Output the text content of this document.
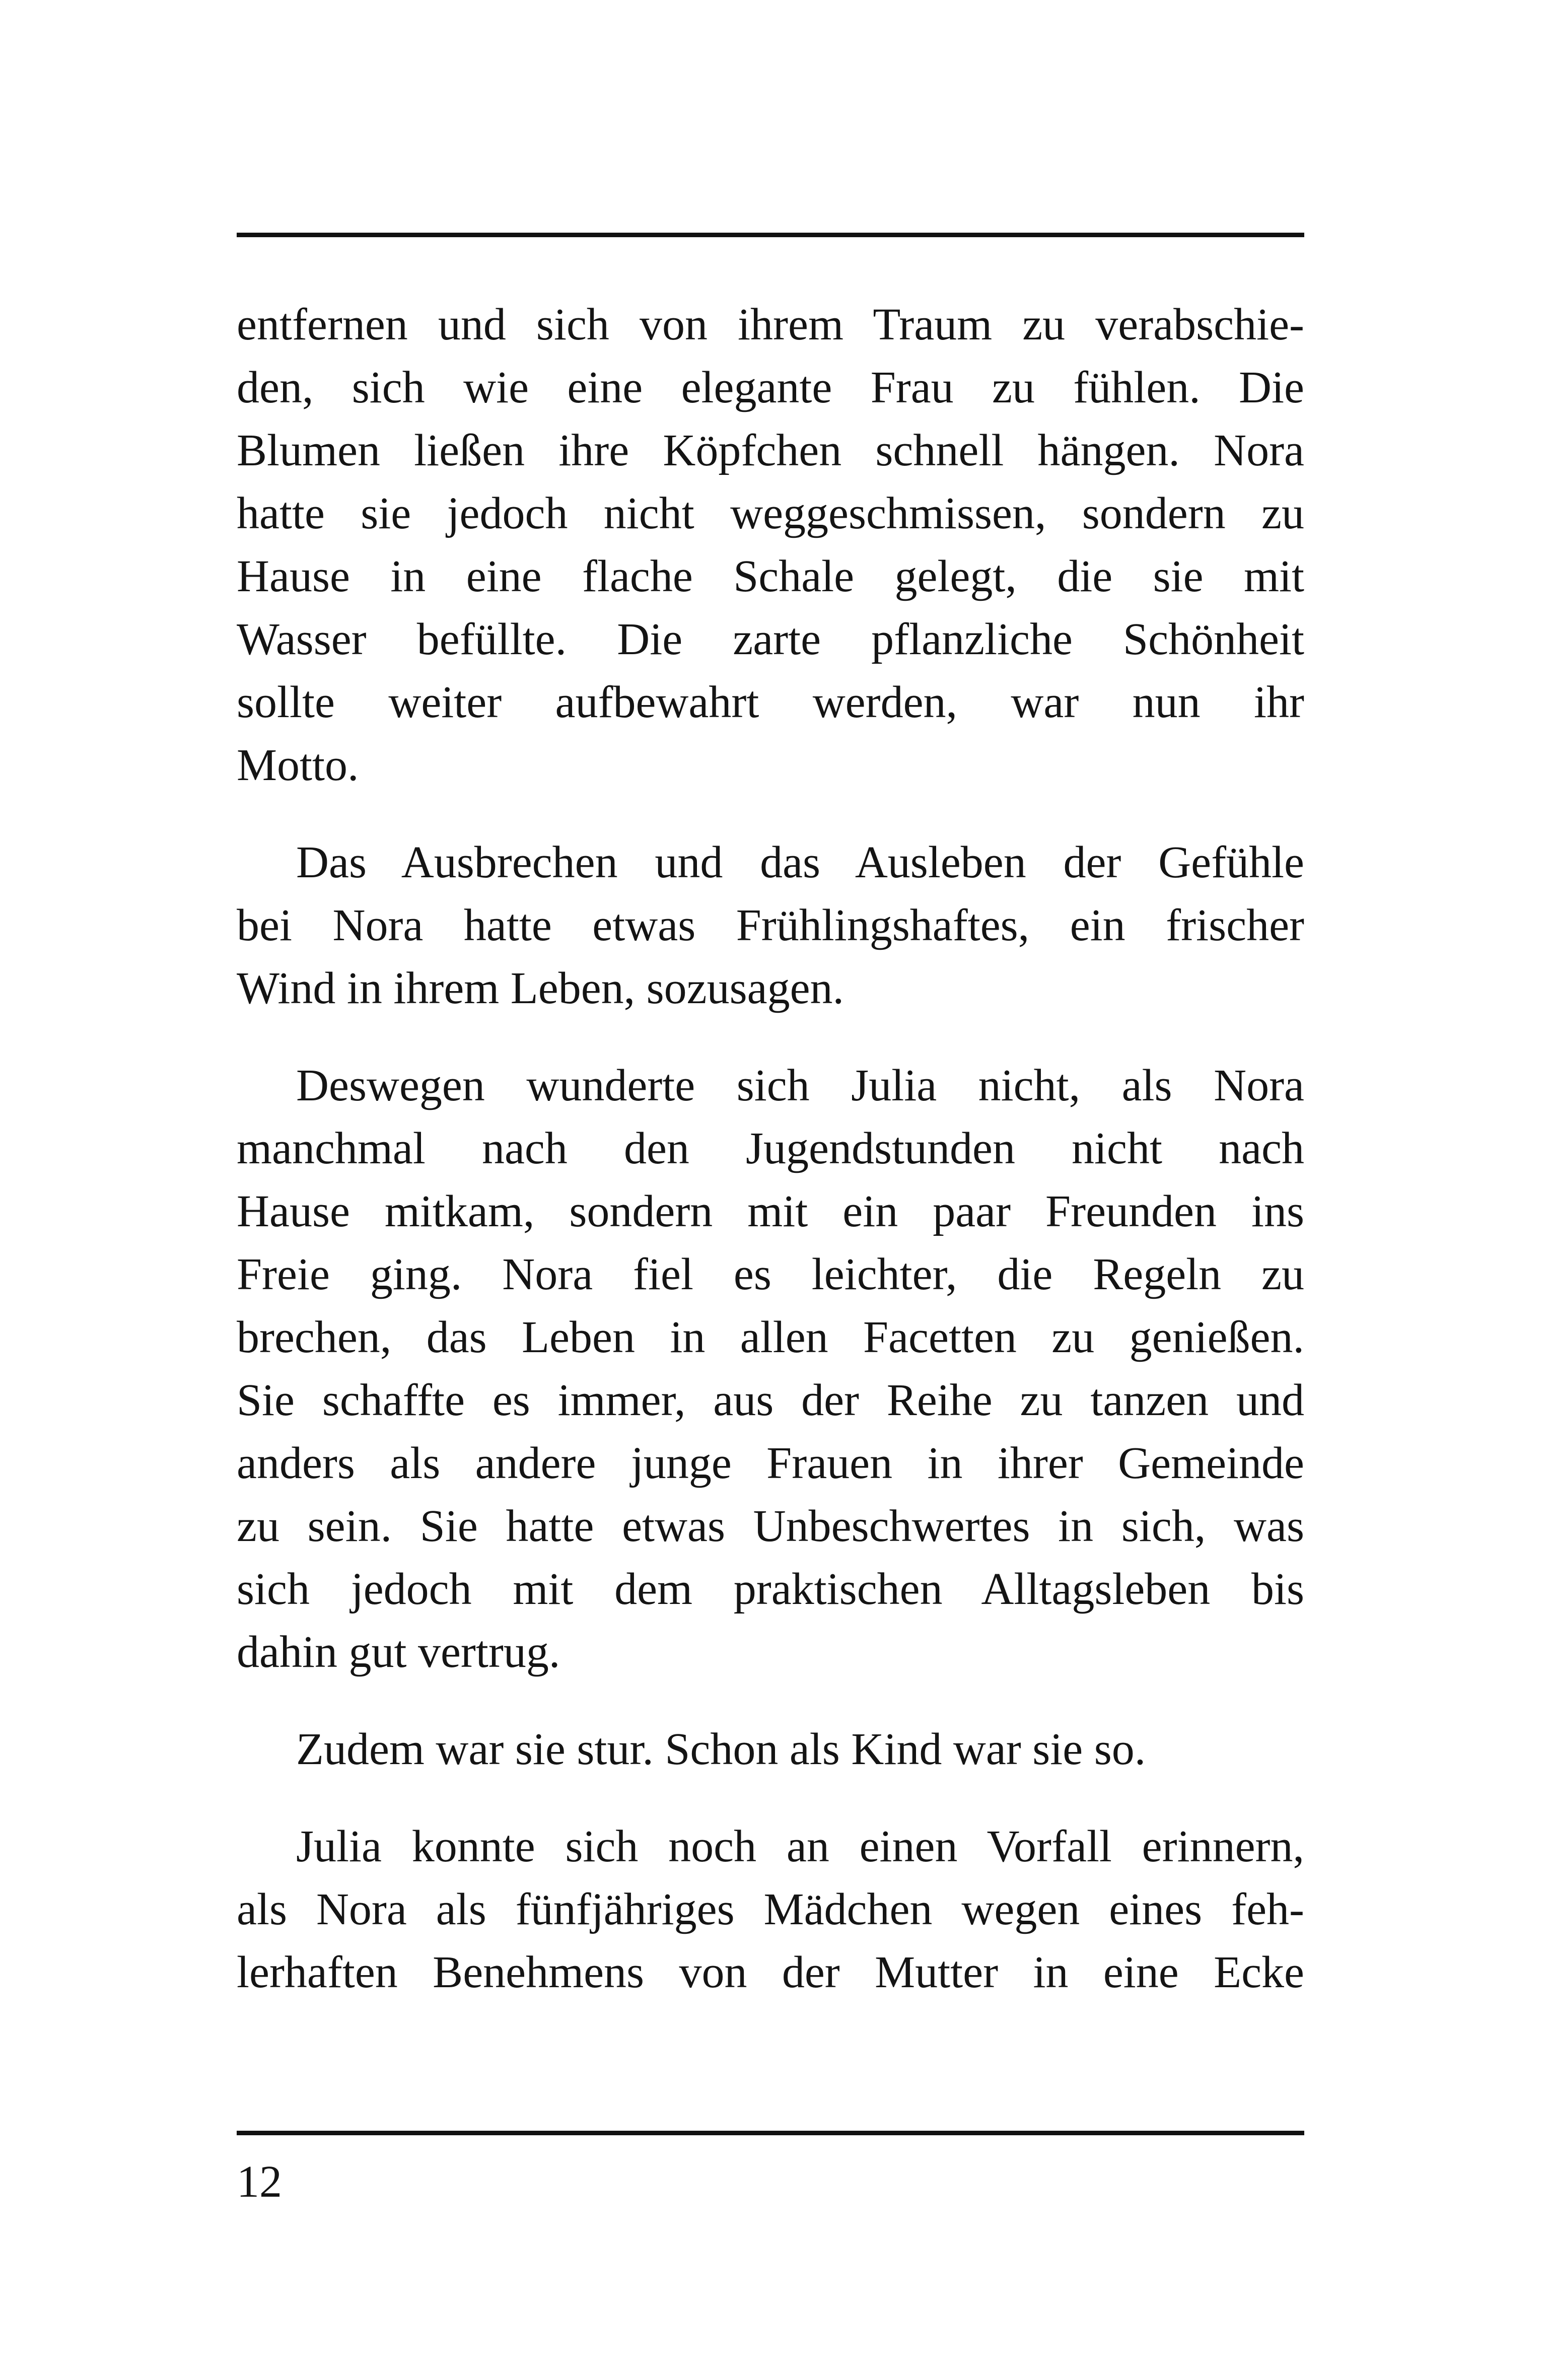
entfernen und sich von ihrem Traum zu verabschie-
den, sich wie eine elegante Frau zu fühlen. Die
Blumen ließen ihre Köpfchen schnell hängen. Nora
hatte sie jedoch nicht weggeschmissen, sondern zu
Hause in eine flache Schale gelegt, die sie mit
Wasser befüllte. Die zarte pflanzliche Schönheit
sollte weiter aufbewahrt werden, war nun ihr
Motto.
Das Ausbrechen und das Ausleben der Gefühle
bei Nora hatte etwas Frühlingshaftes, ein frischer
Wind in ihrem Leben, sozusagen.
Deswegen wunderte sich Julia nicht, als Nora
manchmal nach den Jugendstunden nicht nach
Hause mitkam, sondern mit ein paar Freunden ins
Freie ging. Nora fiel es leichter, die Regeln zu
brechen, das Leben in allen Facetten zu genießen.
Sie schaffte es immer, aus der Reihe zu tanzen und
anders als andere junge Frauen in ihrer Gemeinde
zu sein. Sie hatte etwas Unbeschwertes in sich, was
sich jedoch mit dem praktischen Alltagsleben bis
dahin gut vertrug.
Zudem war sie stur. Schon als Kind war sie so.
Julia konnte sich noch an einen Vorfall erinnern,
als Nora als fünfjähriges Mädchen wegen eines feh-
lerhaften Benehmens von der Mutter in eine Ecke
12
